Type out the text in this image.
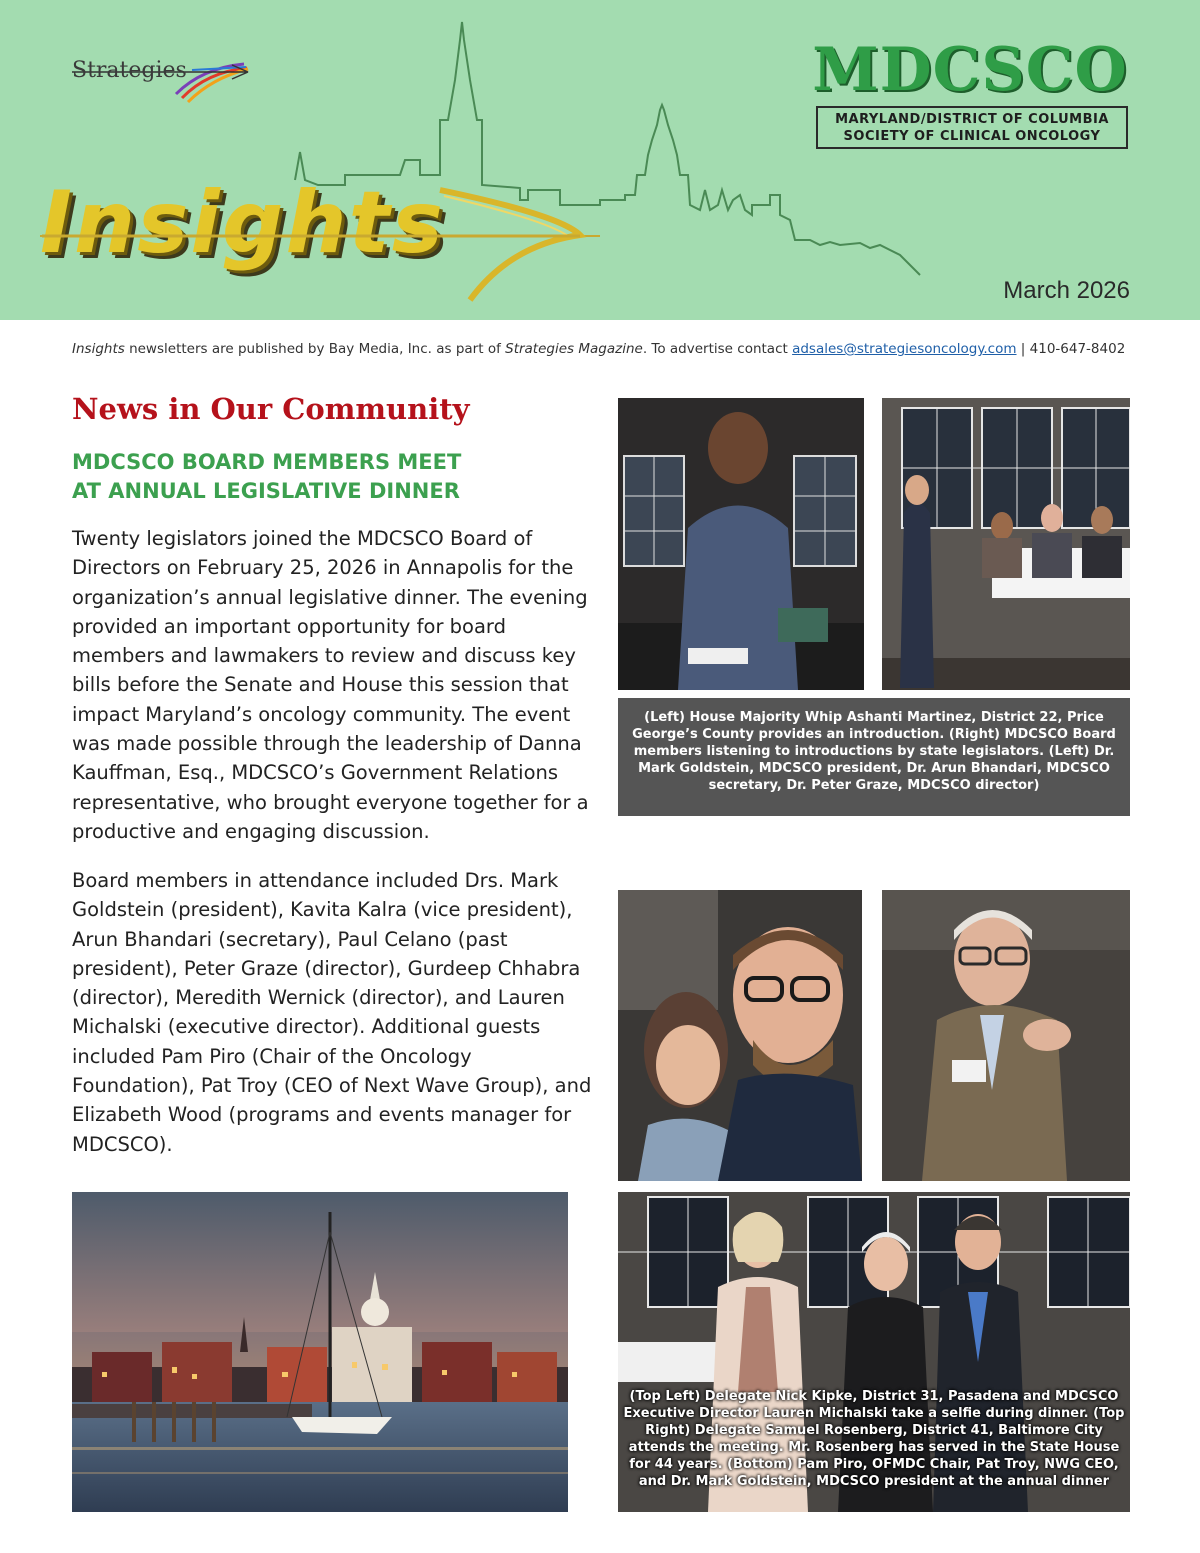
Strategies
Insights
MDCSCO
MARYLAND/DISTRICT OF COLUMBIA
SOCIETY OF CLINICAL ONCOLOGY
March 2026
Insights newsletters are published by Bay Media, Inc. as part of Strategies Magazine. To advertise contact adsales@strategiesoncology.com | 410-647-8402
News in Our Community
MDCSCO BOARD MEMBERS MEET
AT ANNUAL LEGISLATIVE DINNER

Twenty legislators joined the MDCSCO Board of Directors on February 25, 2026 in Annapolis for the organization’s annual legislative dinner. The evening provided an important opportunity for board members and lawmakers to review and discuss key bills before the Senate and House this session that impact Maryland’s oncology community. The event was made possible through the leadership of Danna Kauffman, Esq., MDCSCO’s Government Relations representative, who brought everyone together for a productive and engaging discussion.

Board members in attendance included Drs. Mark Goldstein (president), Kavita Kalra (vice president), Arun Bhandari (secretary), Paul Celano (past president), Peter Graze (director), Gurdeep Chhabra (director), Meredith Wernick (director), and Lauren Michalski (executive director). Additional guests included Pam Piro (Chair of the Oncology Foundation), Pat Troy (CEO of Next Wave Group), and Elizabeth Wood (programs and events manager for MDCSCO).

(Left) House Majority Whip Ashanti Martinez, District 22, Price George’s County provides an introduction. (Right) MDCSCO Board members listening to introductions by state legislators. (Left) Dr. Mark Goldstein, MDCSCO president, Dr. Arun Bhandari, MDCSCO secretary, Dr. Peter Graze, MDCSCO director)
(Top Left) Delegate Nick Kipke, District 31, Pasadena and MDCSCO Executive Director Lauren Michalski take a selfie during dinner. (Top Right) Delegate Samuel Rosenberg, District 41, Baltimore City attends the meeting. Mr. Rosenberg has served in the State House for 44 years. (Bottom) Pam Piro, OFMDC Chair, Pat Troy, NWG CEO, and Dr. Mark Goldstein, MDCSCO president at the annual dinner
